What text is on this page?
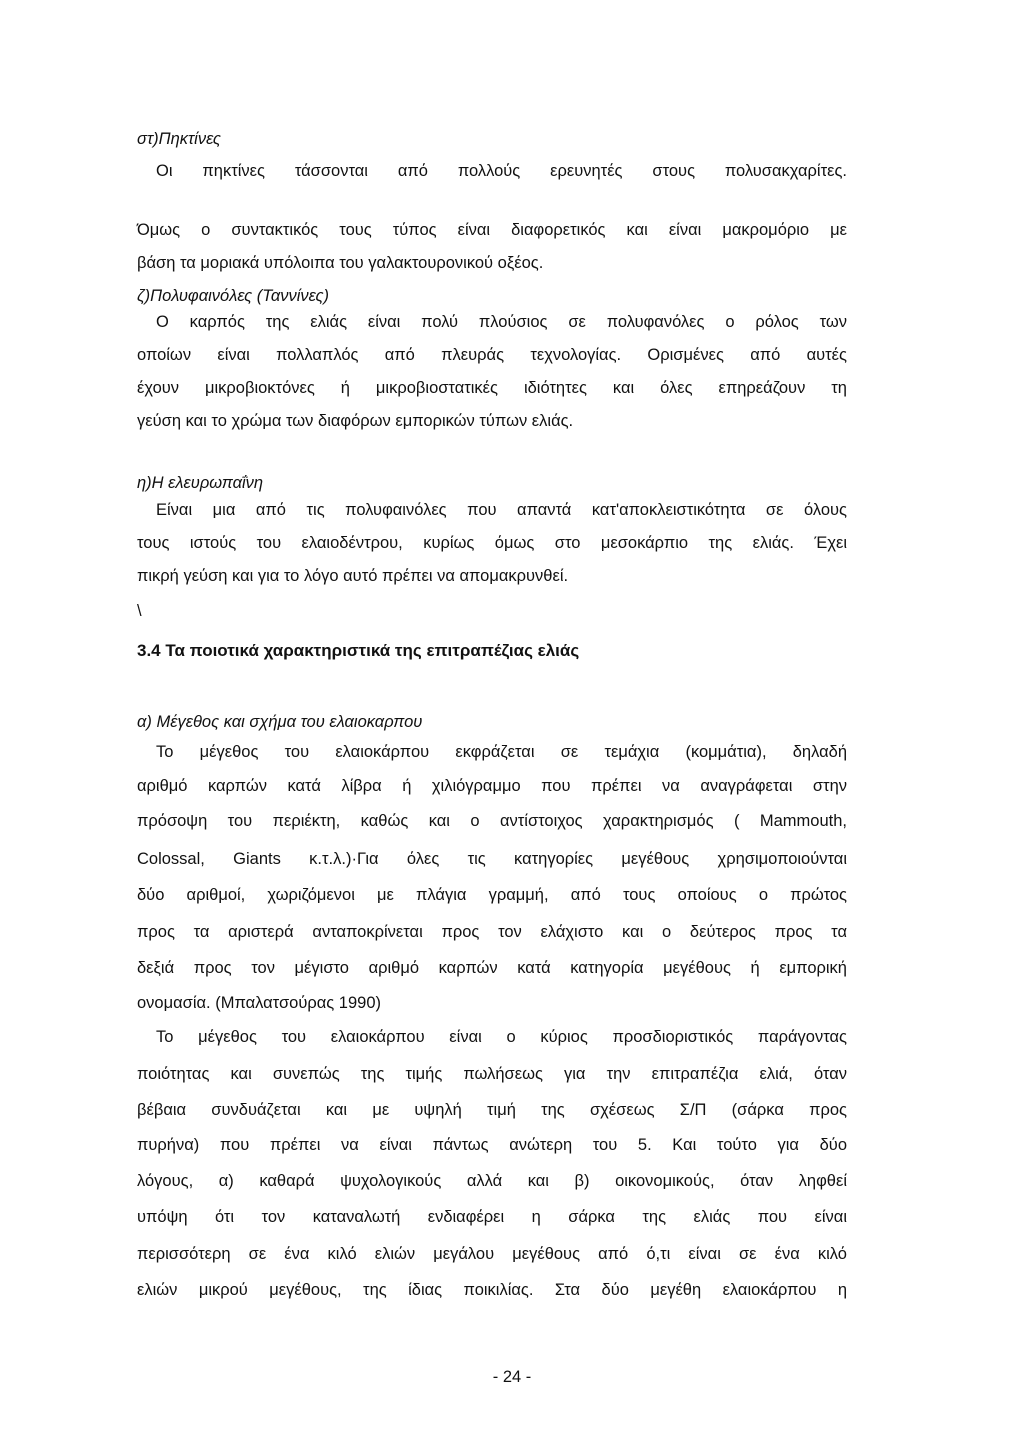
στ)Πηκτίνες
Οι πηκτίνες τάσσονται από πολλούς ερευνητές στους πολυσακχαρίτες.
Όμως ο συντακτικός τους τύπος είναι διαφορετικός και είναι μακρομόριο με
βάση τα μοριακά υπόλοιπα του γαλακτουρονικού οξέος.
ζ)Πολυφαινόλες (Ταννίνες)
Ο καρπός της ελιάς είναι πολύ πλούσιος σε πολυφανόλες ο ρόλος των
οποίων είναι πολλαπλός από πλευράς τεχνολογίας. Ορισμένες από αυτές
έχουν μικροβιοκτόνες ή μικροβιοστατικές ιδιότητες και όλες επηρεάζουν τη
γεύση και το χρώμα των διαφόρων εμπορικών τύπων ελιάς.
η)Η ελευρωπαΐνη
Είναι μια από τις πολυφαινόλες που απαντά κατ'αποκλειστικότητα σε όλους
τους ιστούς του ελαιοδέντρου, κυρίως όμως στο μεσοκάρπιο της ελιάς. Έχει
πικρή γεύση και για το λόγο αυτό πρέπει να απομακρυνθεί.
\
3.4 Τα ποιοτικά χαρακτηριστικά της επιτραπέζιας ελιάς
α) Μέγεθος και σχήμα του ελαιοκαρπου
Το μέγεθος του ελαιοκάρπου εκφράζεται σε τεμάχια (κομμάτια), δηλαδή
αριθμό καρπών κατά λίβρα ή χιλιόγραμμο που πρέπει να αναγράφεται στην
πρόσοψη του περιέκτη, καθώς και ο αντίστοιχος χαρακτηρισμός ( Mammouth,
Colossal, Giants κ.τ.λ.)·Για όλες τις κατηγορίες μεγέθους χρησιμοποιούνται
δύο αριθμοί, χωριζόμενοι με πλάγια γραμμή, από τους οποίους ο πρώτος
προς τα αριστερά ανταποκρίνεται προς τον ελάχιστο και ο δεύτερος προς τα
δεξιά προς τον μέγιστο αριθμό καρπών κατά κατηγορία μεγέθους ή εμπορική
ονομασία. (Μπαλατσούρας 1990)
Το μέγεθος του ελαιοκάρπου είναι ο κύριος προσδιοριστικός παράγοντας
ποιότητας και συνεπώς της τιμής πωλήσεως για την επιτραπέζια ελιά, όταν
βέβαια συνδυάζεται και με υψηλή τιμή της σχέσεως Σ/Π (σάρκα προς
πυρήνα) που πρέπει να είναι πάντως ανώτερη του 5. Και τούτο για δύο
λόγους, α) καθαρά ψυχολογικούς αλλά και β) οικονομικούς, όταν ληφθεί
υπόψη ότι τον καταναλωτή ενδιαφέρει η σάρκα της ελιάς που είναι
περισσότερη σε ένα κιλό ελιών μεγάλου μεγέθους από ό,τι είναι σε ένα κιλό
ελιών μικρού μεγέθους, της ίδιας ποικιλίας. Στα δύο μεγέθη ελαιοκάρπου η
- 24 -
